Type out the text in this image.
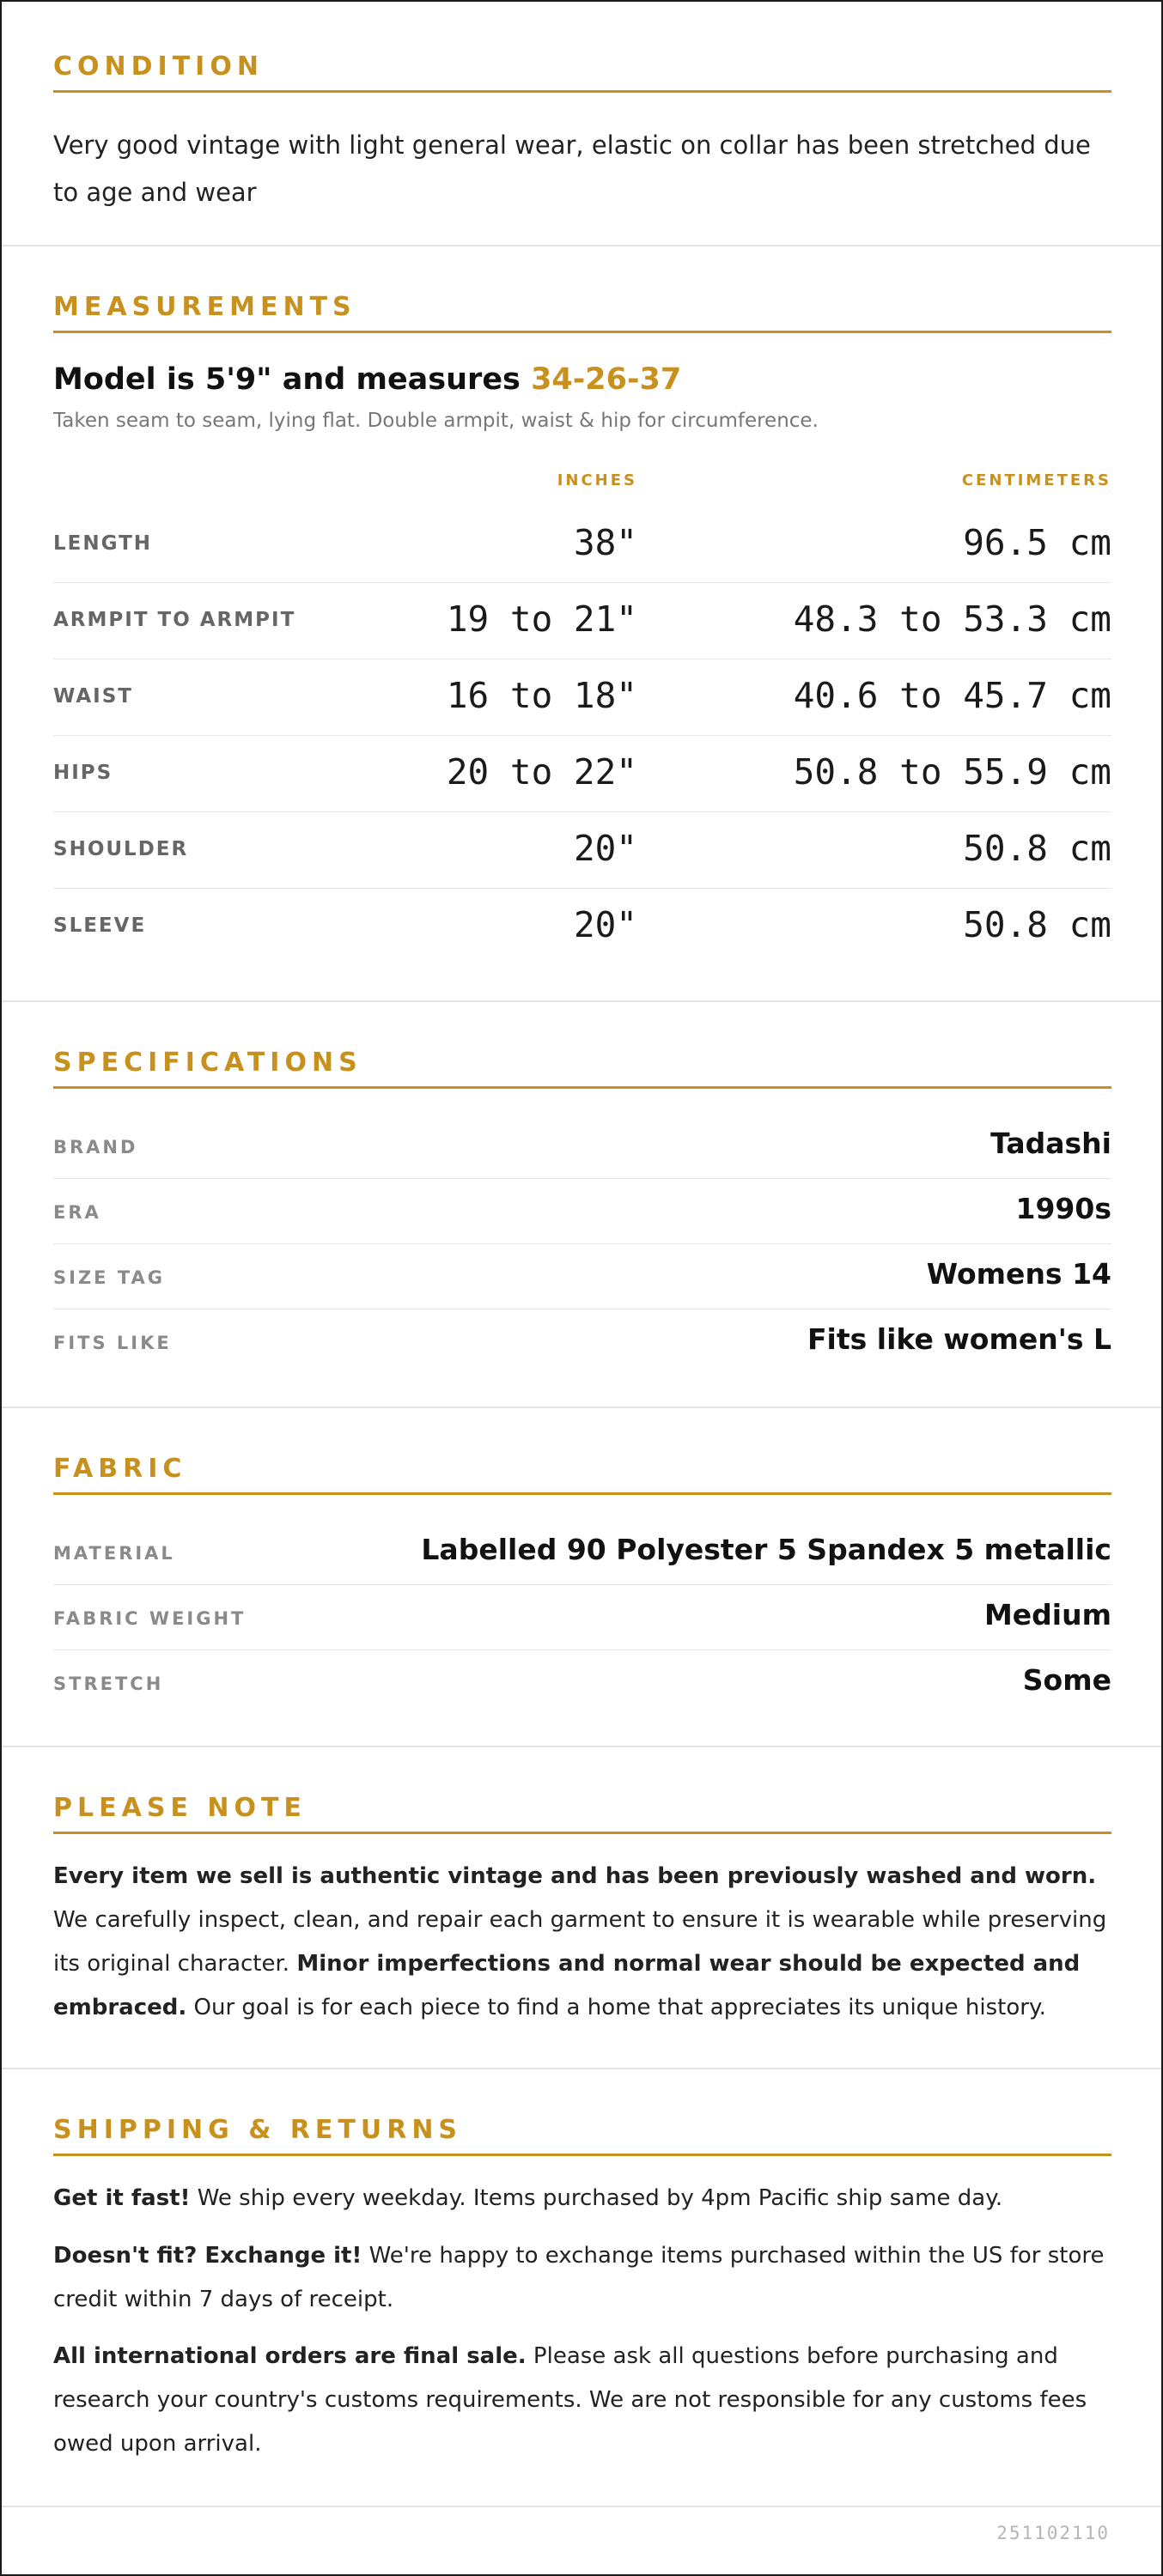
CONDITION
Very good vintage with light general wear, elastic on collar has been stretched due to age and wear
MEASUREMENTS
Model is 5'9" and measures 34-26-37
Taken seam to seam, lying flat. Double armpit, waist & hip for circumference.
INCHES	CENTIMETERS
LENGTH	38"	96.5 cm
ARMPIT TO ARMPIT	19 to 21"	48.3 to 53.3 cm
WAIST	16 to 18"	40.6 to 45.7 cm
HIPS	20 to 22"	50.8 to 55.9 cm
SHOULDER	20"	50.8 cm
SLEEVE	20"	50.8 cm
SPECIFICATIONS
BRAND	Tadashi
ERA	1990s
SIZE TAG	Womens 14
FITS LIKE	Fits like women's L
FABRIC
MATERIAL	Labelled 90 Polyester 5 Spandex 5 metallic
FABRIC WEIGHT	Medium
STRETCH	Some
PLEASE NOTE
Every item we sell is authentic vintage and has been previously washed and worn. We carefully inspect, clean, and repair each garment to ensure it is wearable while preserving its original character. Minor imperfections and normal wear should be expected and embraced. Our goal is for each piece to find a home that appreciates its unique history.
SHIPPING & RETURNS
Get it fast! We ship every weekday. Items purchased by 4pm Pacific ship same day.
Doesn't fit? Exchange it! We're happy to exchange items purchased within the US for store credit within 7 days of receipt.
All international orders are final sale. Please ask all questions before purchasing and research your country's customs requirements. We are not responsible for any customs fees owed upon arrival.
251102110
